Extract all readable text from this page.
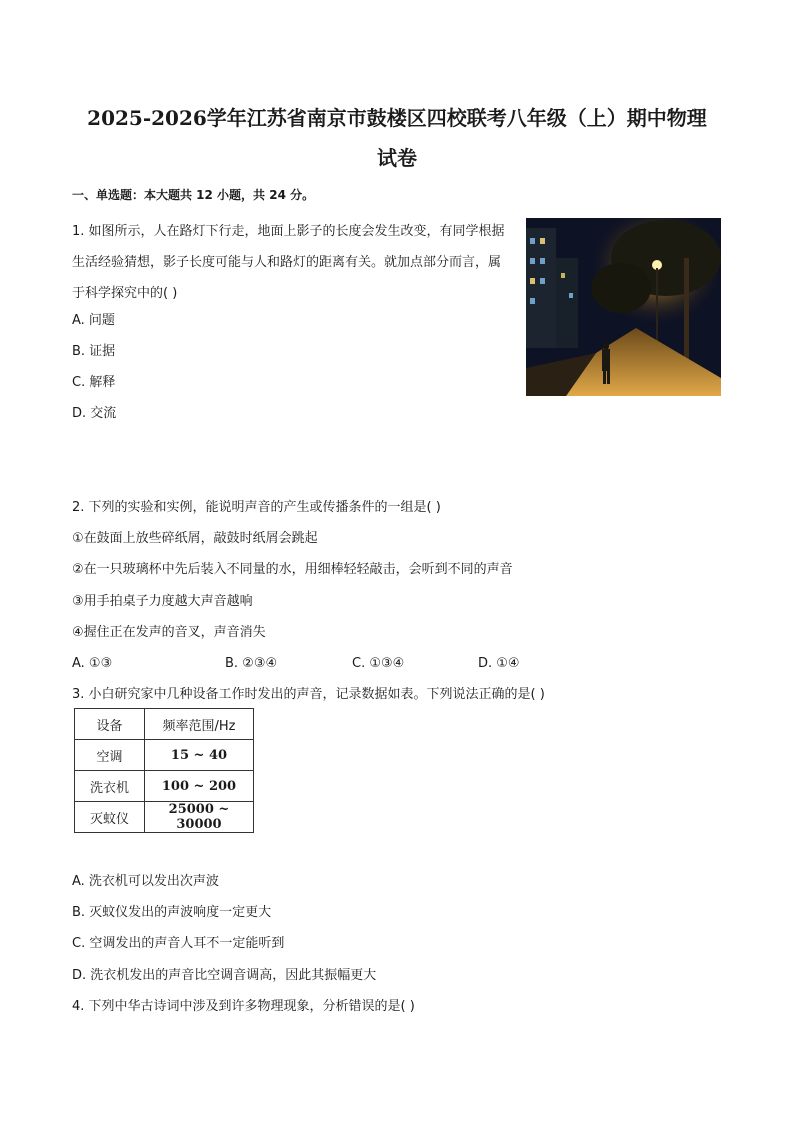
2025-2026学年江苏省南京市鼓楼区四校联考八年级（上）期中物理
试卷
一、单选题：本大题共 12 小题，共 24 分。
1. 如图所示，人在路灯下行走，地面上影子的长度会发生改变，有同学根据生活经验猜想，影子长度可能与人和路灯的距离有关。就加点部分而言，属于科学探究中的( )
A. 问题
B. 证据
C. 解释
D. 交流
2. 下列的实验和实例，能说明声音的产生或传播条件的一组是( )
①在鼓面上放些碎纸屑，敲鼓时纸屑会跳起
②在一只玻璃杯中先后装入不同量的水，用细棒轻轻敲击，会听到不同的声音
③用手拍桌子力度越大声音越响
④握住正在发声的音叉，声音消失
A. ①③	B. ②③④	C. ①③④	D. ①④
3. 小白研究家中几种设备工作时发出的声音，记录数据如表。下列说法正确的是( )
设备	频率范围/Hz
空调	15 ~ 40
洗衣机	100 ~ 200
灭蚊仪	25000 ~ 30000
A. 洗衣机可以发出次声波
B. 灭蚊仪发出的声波响度一定更大
C. 空调发出的声音人耳不一定能听到
D. 洗衣机发出的声音比空调音调高，因此其振幅更大
4. 下列中华古诗词中涉及到许多物理现象，分析错误的是( )
